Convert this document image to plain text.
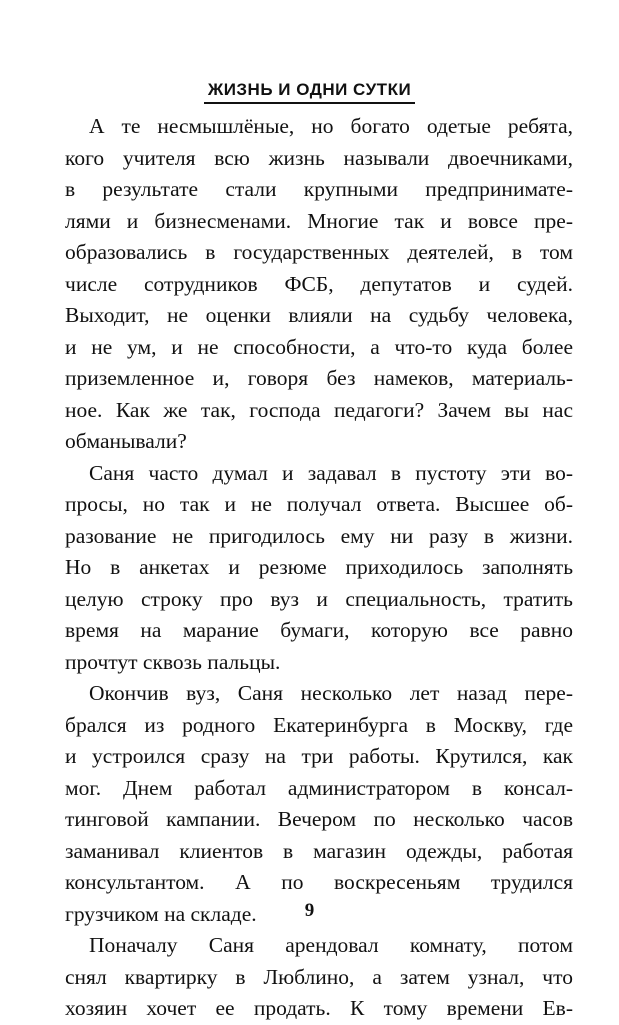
ЖИЗНЬ И ОДНИ СУТКИ
А те несмышлёные, но богато одетые ребята,
кого учителя всю жизнь называли двоечниками,
в результате стали крупными предпринимате-
лями и бизнесменами. Многие так и вовсе пре-
образовались в государственных деятелей, в том
числе сотрудников ФСБ, депутатов и судей.
Выходит, не оценки влияли на судьбу человека,
и не ум, и не способности, а что-то куда более
приземленное и, говоря без намеков, материаль-
ное. Как же так, господа педагоги? Зачем вы нас
обманывали?
Саня часто думал и задавал в пустоту эти во-
просы, но так и не получал ответа. Высшее об-
разование не пригодилось ему ни разу в жизни.
Но в анкетах и резюме приходилось заполнять
целую строку про вуз и специальность, тратить
время на марание бумаги, которую все равно
прочтут сквозь пальцы.
Окончив вуз, Саня несколько лет назад пере-
брался из родного Екатеринбурга в Москву, где
и устроился сразу на три работы. Крутился, как
мог. Днем работал администратором в консал-
тинговой кампании. Вечером по несколько часов
заманивал клиентов в магазин одежды, работая
консультантом. А по воскресеньям трудился
грузчиком на складе.
Поначалу Саня арендовал комнату, потом
снял квартирку в Люблино, а затем узнал, что
хозяин хочет ее продать. К тому времени Ев-
9
